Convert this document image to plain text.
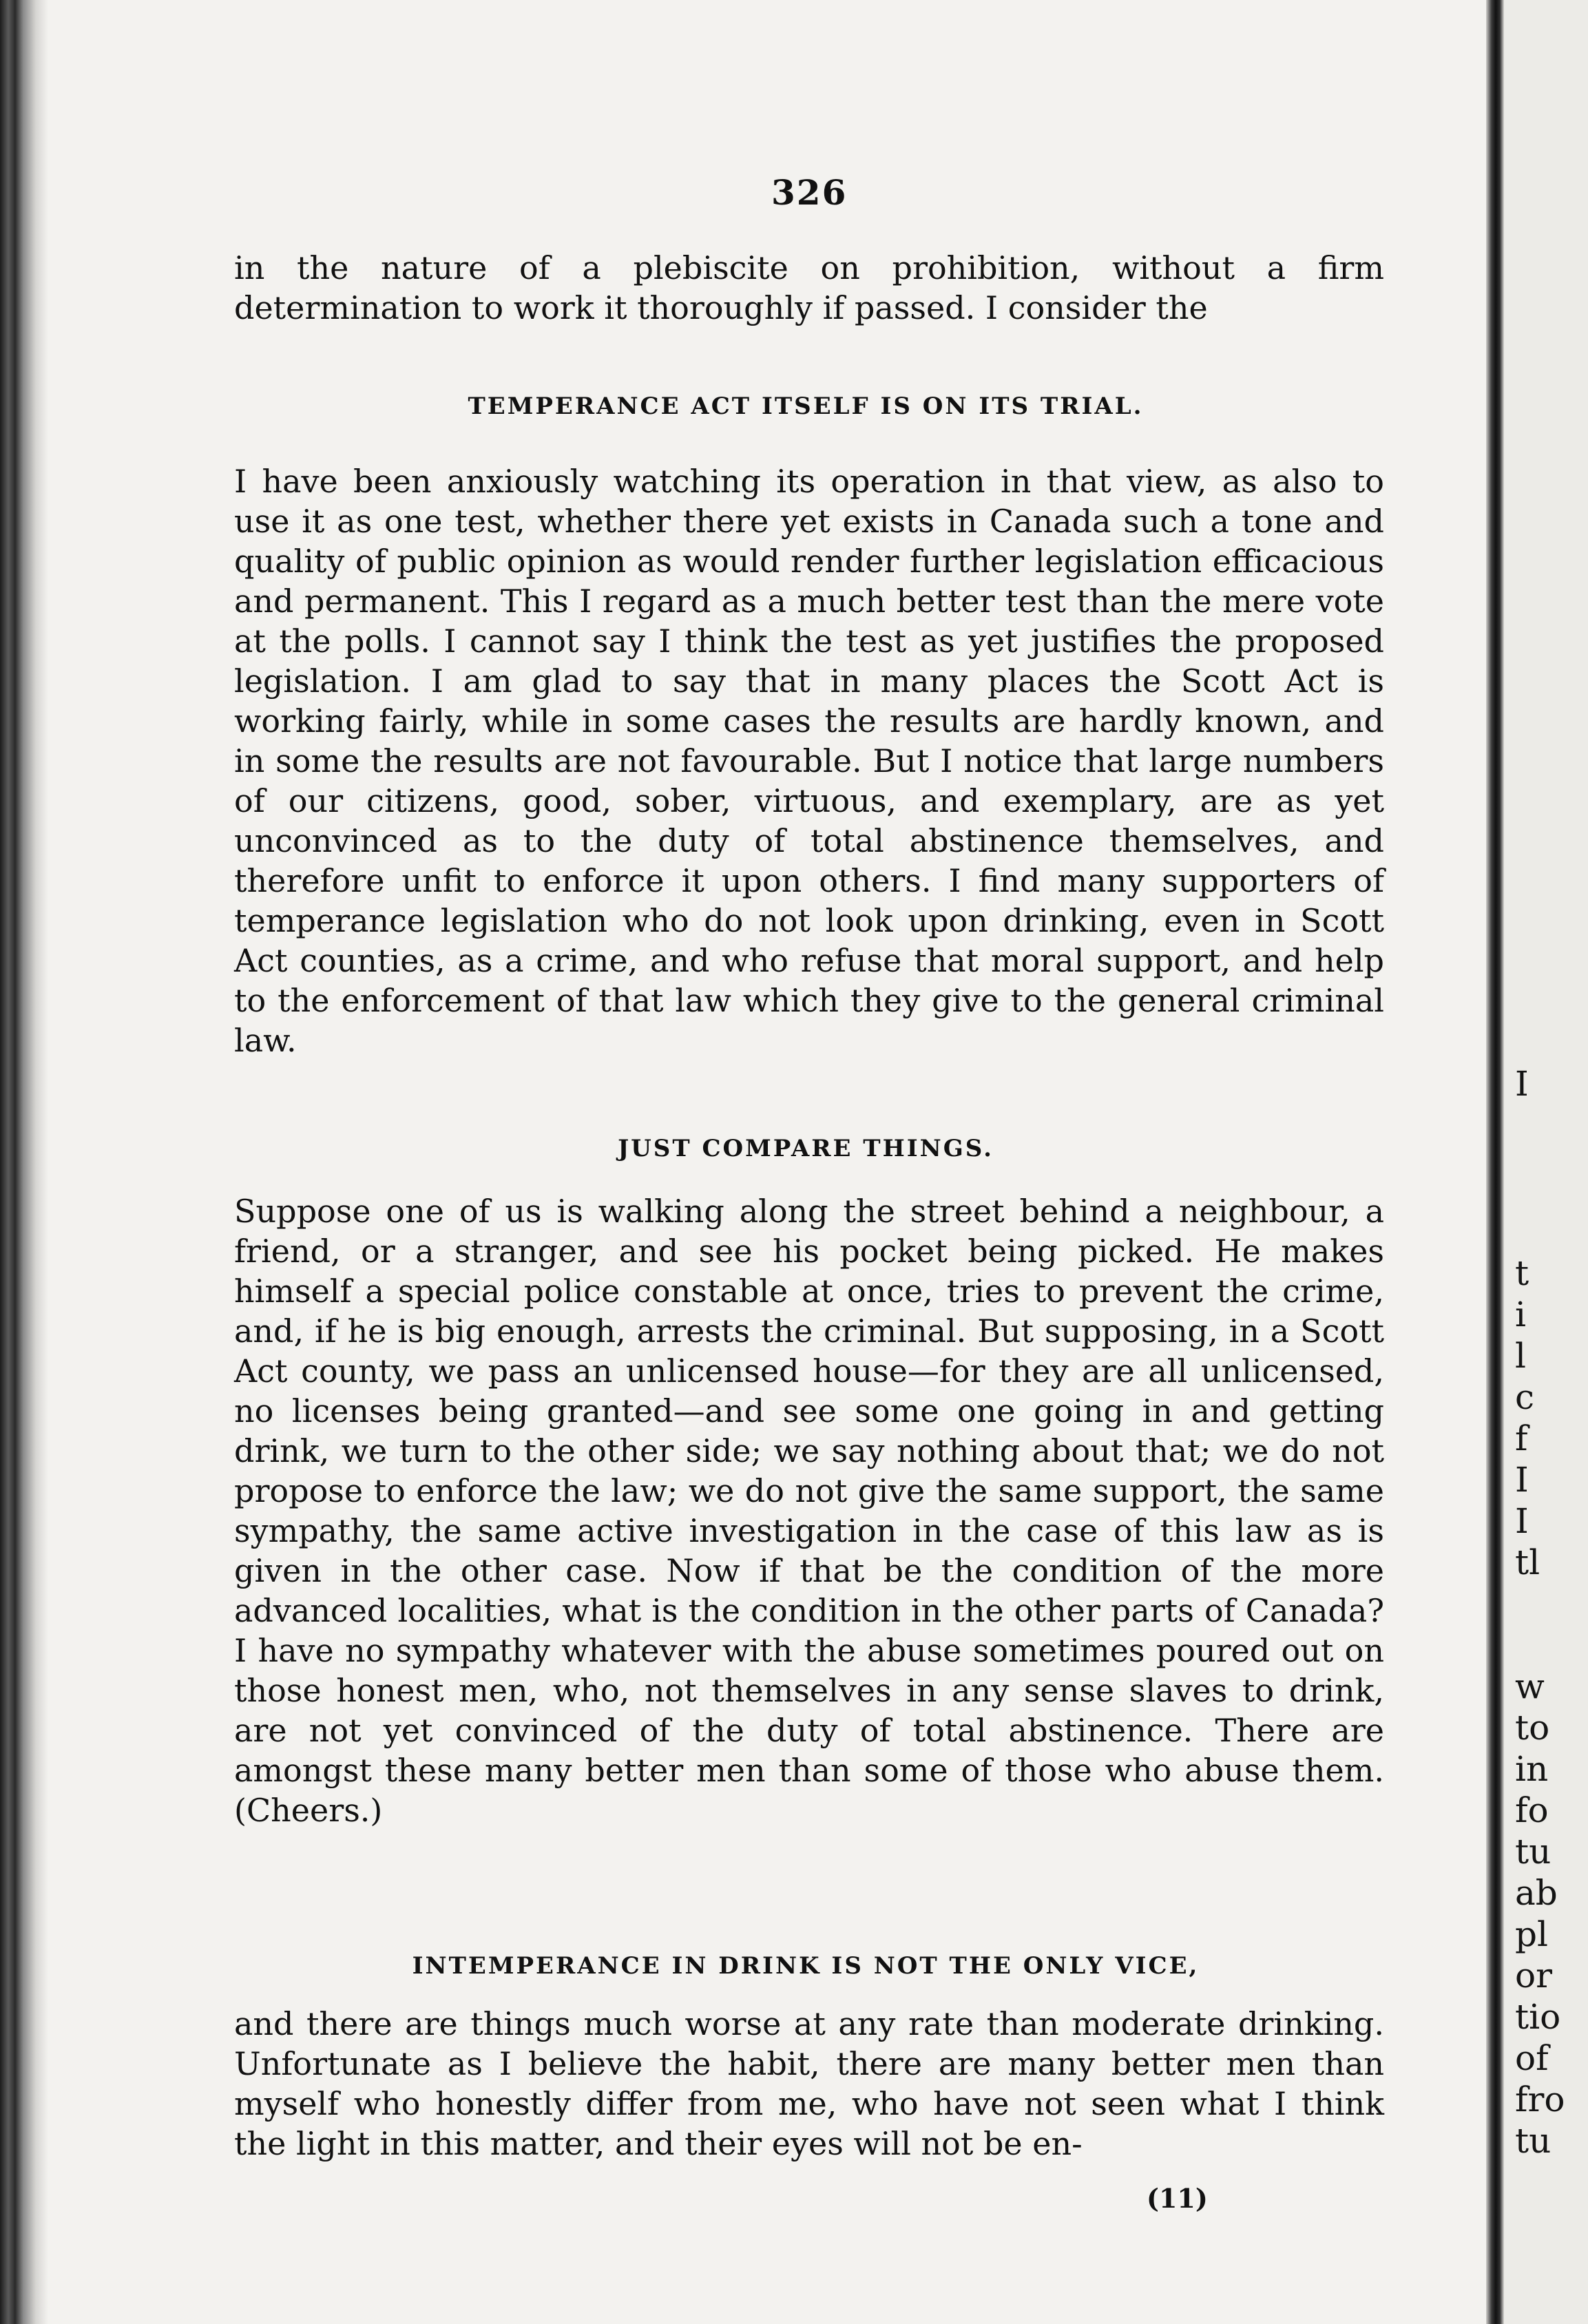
326
in the nature of a plebiscite on prohibition, without a firm determination to work it thoroughly if passed. I consider the
TEMPERANCE ACT ITSELF IS ON ITS TRIAL.
I have been anxiously watching its operation in that view, as also to use it as one test, whether there yet exists in Canada such a tone and quality of public opinion as would render further legislation efficacious and permanent. This I regard as a much better test than the mere vote at the polls. I cannot say I think the test as yet justifies the proposed legislation. I am glad to say that in many places the Scott Act is working fairly, while in some cases the results are hardly known, and in some the results are not favourable. But I notice that large numbers of our citizens, good, sober, virtuous, and exemplary, are as yet unconvinced as to the duty of total abstinence themselves, and therefore unfit to enforce it upon others. I find many supporters of temperance legislation who do not look upon drinking, even in Scott Act counties, as a crime, and who refuse that moral support, and help to the enforcement of that law which they give to the general criminal law.
JUST COMPARE THINGS.
Suppose one of us is walking along the street behind a neighbour, a friend, or a stranger, and see his pocket being picked. He makes himself a special police constable at once, tries to prevent the crime, and, if he is big enough, arrests the criminal. But supposing, in a Scott Act county, we pass an unlicensed house—for they are all unlicensed, no licenses being granted—and see some one going in and getting drink, we turn to the other side; we say nothing about that; we do not propose to enforce the law; we do not give the same support, the same sympathy, the same active investigation in the case of this law as is given in the other case. Now if that be the condition of the more advanced localities, what is the condition in the other parts of Canada? I have no sympathy whatever with the abuse sometimes poured out on those honest men, who, not themselves in any sense slaves to drink, are not yet convinced of the duty of total abstinence. There are amongst these many better men than some of those who abuse them. (Cheers.)
INTEMPERANCE IN DRINK IS NOT THE ONLY VICE,
and there are things much worse at any rate than moderate drinking. Unfortunate as I believe the habit, there are many better men than myself who honestly differ from me, who have not seen what I think the light in this matter, and their eyes will not be en-
(11)
I
t
i
l
c
f
I
I
tl
w
to
in
fo
tu
ab
pl
or
tio
of
fro
tu
